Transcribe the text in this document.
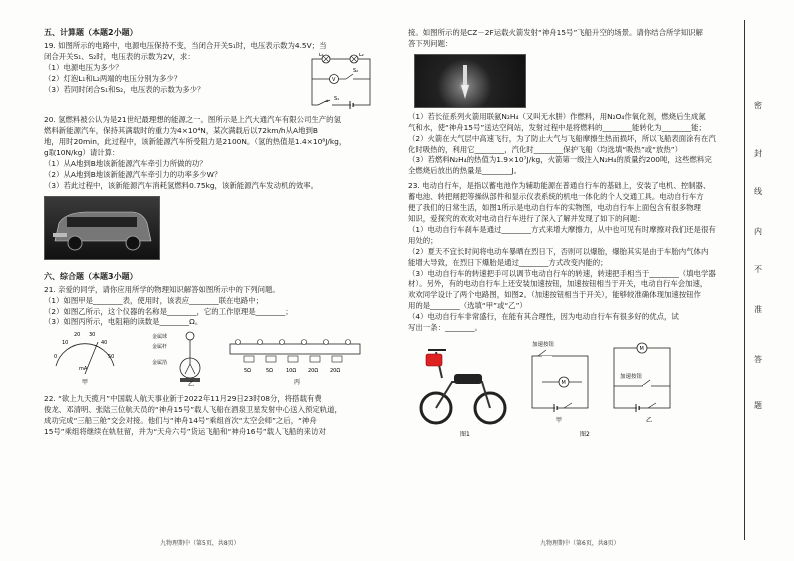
五、计算题（本题2小题）

19. 如图所示的电路中，电源电压保持不变，当闭合开关S₁时，电压表示数为4.5V；当

闭合开关S₁、S₂时，电压表的示数为2V，求：

（1）电源电压为多少？

（2）灯泡L₁和L₂两端的电压分别为多少？

（3）若同时闭合S₁和S₂，电压表的示数为多少？

L₁	L₂
V
S₂
S₁

20. 氢燃料被公认为是21世纪最理想的能源之一。图所示是上汽大通汽车有限公司生产的氢

燃料新能源汽车，保持其满载时的重力为4×10⁴N，某次满载后以72km/h从A地到B

地，用时20min，此过程中，该新能源汽车所受阻力是2100N。（氢的热值是1.4×10⁸J/kg，

g取10N/kg）请计算：

（1）从A地到B地该新能源汽车牵引力所做的功？

（2）从A地到B地该新能源汽车牵引力的功率多少W？

（3）若此过程中，该新能源汽车消耗氢燃料0.75kg，该新能源汽车发动机的效率。

六、综合题（本题3小题）

21. 亲爱的同学，请你应用所学的物理知识解答如图所示中的下列问题。

（1）如图甲是________表，使用时，该表应________联在电路中；

（2）如图乙所示，这个仪器的名称是________，它的工作原理是________；

（3）如图丙所示，电阻箱的读数是________Ω。

0
10
20 30
40
50
mA
甲
金属球
金属杆
金属箔
乙
5Ω	5Ω	10Ω 20Ω 20Ω
丙

22. “欲上九天揽月”中国载人航天事业新于2022年11月29日23时08分，将搭载有费

俊龙、邓清明、张陆三位航天员的“神舟15号”载人飞船在酒泉卫星发射中心送入预定轨道，

成功完成“三船三舱”交会对接。他们与“神舟14号”乘组首次“太空会师”之后，“神舟

15号”乘组将继续在轨驻留，并为“天舟六号”货运飞船和“神舟16号”载人飞船的来访对

九物理期中（第5页，共8页）

接。如图所示的是CZ－2F运载火箭发射“神舟15号”飞船升空的场景。请你结合所学知识解

答下列问题：

（1）若长征系列火箭用联氨N₂H₄（又叫无水肼）作燃料，用N₂O₄作氧化剂，燃烧后生成氮

气和水，使“神舟15号”送达空间站，发射过程中是将燃料的________能转化为________能；

（2）火箭在大气层中高速飞行，为了防止大气与飞船摩擦生热而损坏，所以飞船表面涂有在汽

化时吸热的，利用它________，汽化时________保护飞船（均选填“吸热”或“放热”）

（3）若燃料N₂H₄的热值为1.9×10⁷J/kg，火箭第一级注入N₂H₄的质量约200吨，这些燃料完

全燃烧后放出的热量是________J。

23. 电动自行车，是指以蓄电池作为辅助能源在普通自行车的基础上，安装了电机、控制器、

蓄电池、转把闸把等操纵部件和显示仪表系统的机电一体化的个人交通工具。电动自行车方

便了我们的日常生活，如图1所示是电动自行车的实物图，电动自行车上面包含有很多物理

知识，爱探究的欢欢对电动自行车进行了深入了解并发现了如下的问题：

（1）电动自行车刹车是通过________方式来增大摩擦力，从中也可见有时摩擦对我们还是很有

用处的；

（2）夏天不宜长时间将电动车暴晒在烈日下，否则可以爆胎，爆胎其实是由于车胎内气体内

能增大导致，在烈日下爆胎是通过________方式改变内能的；

（3）电动自行车的转速把手可以调节电动自行车的转速，转速把手相当于________（填电学器

材）。另外，有的电动自行车上还安装加速按钮，加速按钮相当于开关，电动自行车会加速，

欢欢同学设计了两个电路图，如图2。（加速按钮相当于开关），能够较准确体现加速按钮作

用的是________（选填“甲”或“乙”）

（4）电动自行车非常盛行，在能有其合理性，因为电动自行车有很多好的优点，试

写出一条：________。

图1
加速按钮
M
甲
加速按钮
M
乙
图2

九物理期中（第6页，共8页）

密
封
线
内
不
准
答
题
